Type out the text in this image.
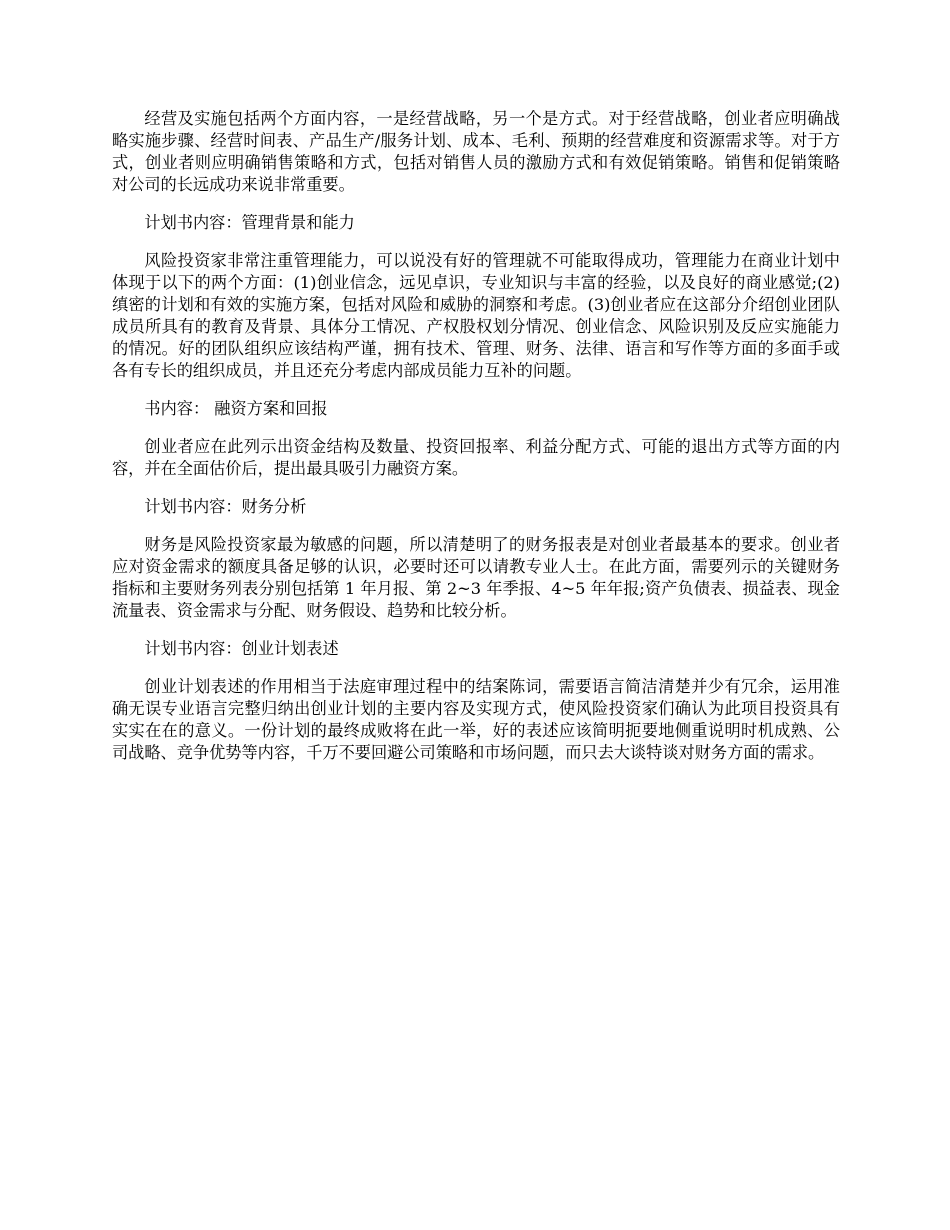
经营及实施包括两个方面内容，一是经营战略，另一个是方式。对于经营战略，创业者应明确战略实施步骤、经营时间表、产品生产/服务计划、成本、毛利、预期的经营难度和资源需求等。对于方式，创业者则应明确销售策略和方式，包括对销售人员的激励方式和有效促销策略。销售和促销策略对公司的长远成功来说非常重要。

计划书内容：管理背景和能力

风险投资家非常注重管理能力，可以说没有好的管理就不可能取得成功，管理能力在商业计划中体现于以下的两个方面：(1)创业信念，远见卓识，专业知识与丰富的经验，以及良好的商业感觉;(2)缜密的计划和有效的实施方案，包括对风险和威胁的洞察和考虑。(3)创业者应在这部分介绍创业团队成员所具有的教育及背景、具体分工情况、产权股权划分情况、创业信念、风险识别及反应实施能力的情况。好的团队组织应该结构严谨，拥有技术、管理、财务、法律、语言和写作等方面的多面手或各有专长的组织成员，并且还充分考虑内部成员能力互补的问题。

书内容： 融资方案和回报

创业者应在此列示出资金结构及数量、投资回报率、利益分配方式、可能的退出方式等方面的内容，并在全面估价后，提出最具吸引力融资方案。

计划书内容：财务分析

财务是风险投资家最为敏感的问题，所以清楚明了的财务报表是对创业者最基本的要求。创业者应对资金需求的额度具备足够的认识，必要时还可以请教专业人士。在此方面，需要列示的关键财务指标和主要财务列表分别包括第 1 年月报、第 2~3 年季报、4~5 年年报;资产负债表、损益表、现金流量表、资金需求与分配、财务假设、趋势和比较分析。

计划书内容：创业计划表述

创业计划表述的作用相当于法庭审理过程中的结案陈词，需要语言简洁清楚并少有冗余，运用准确无误专业语言完整归纳出创业计划的主要内容及实现方式，使风险投资家们确认为此项目投资具有实实在在的意义。一份计划的最终成败将在此一举，好的表述应该简明扼要地侧重说明时机成熟、公司战略、竞争优势等内容，千万不要回避公司策略和市场问题，而只去大谈特谈对财务方面的需求。
